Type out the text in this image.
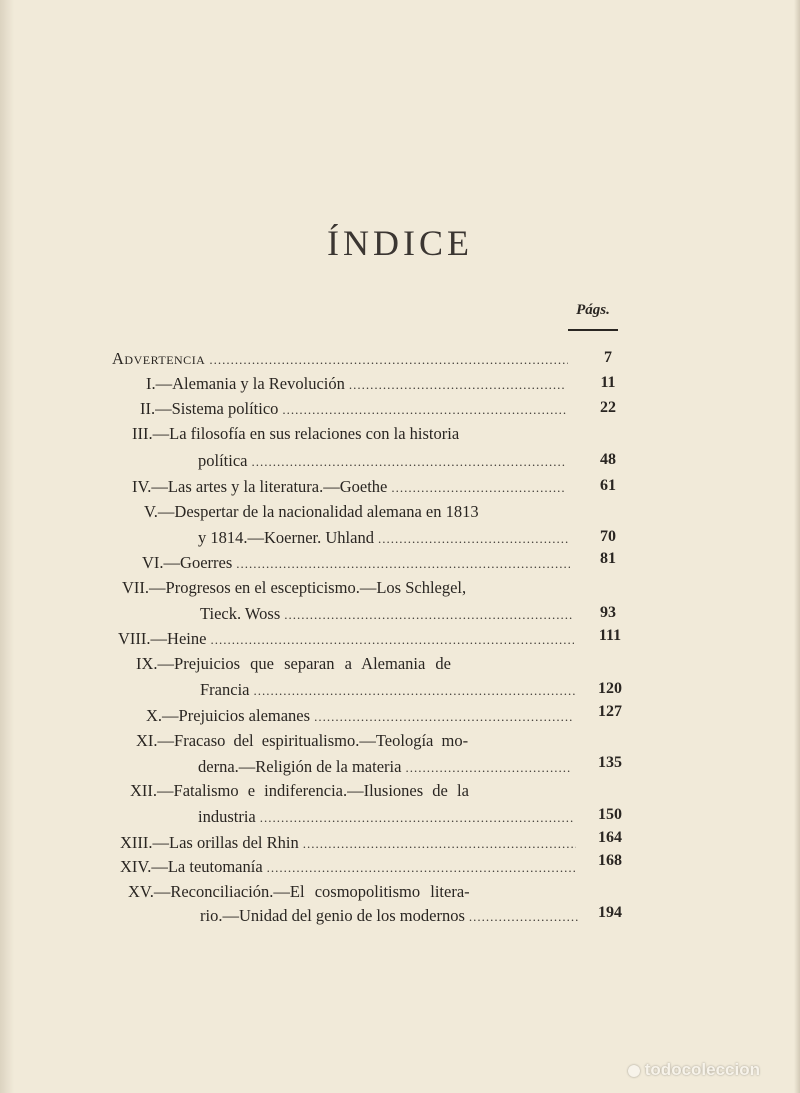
ÍNDICE
Págs.
Advertencia .....	7
I.—Alemania y la Revolución .....	11
II.—Sistema político .....	22
III.—La filosofía en sus relaciones con la historia
política .....	48
IV.—Las artes y la literatura.—Goethe .....	61
V.—Despertar de la nacionalidad alemana en 1813
y 1814.—Koerner. Uhland .....	70
VI.—Goerres .....	81
VII.—Progresos en el escepticismo.—Los Schlegel,
Tieck. Woss .....	93
VIII.—Heine .....	111
IX.—Prejuicios que separan a Alemania de
Francia .....	120
X.—Prejuicios alemanes .....	127
XI.—Fracaso del espiritualismo.—Teología mo-
derna.—Religión de la materia .....	135
XII.—Fatalismo e indiferencia.—Ilusiones de la
industria .....	150
XIII.—Las orillas del Rhin .....	164
XIV.—La teutomanía .....	168
XV.—Reconciliación.—El cosmopolitismo litera-
rio.—Unidad del genio de los modernos .....	194
todocoleccion
